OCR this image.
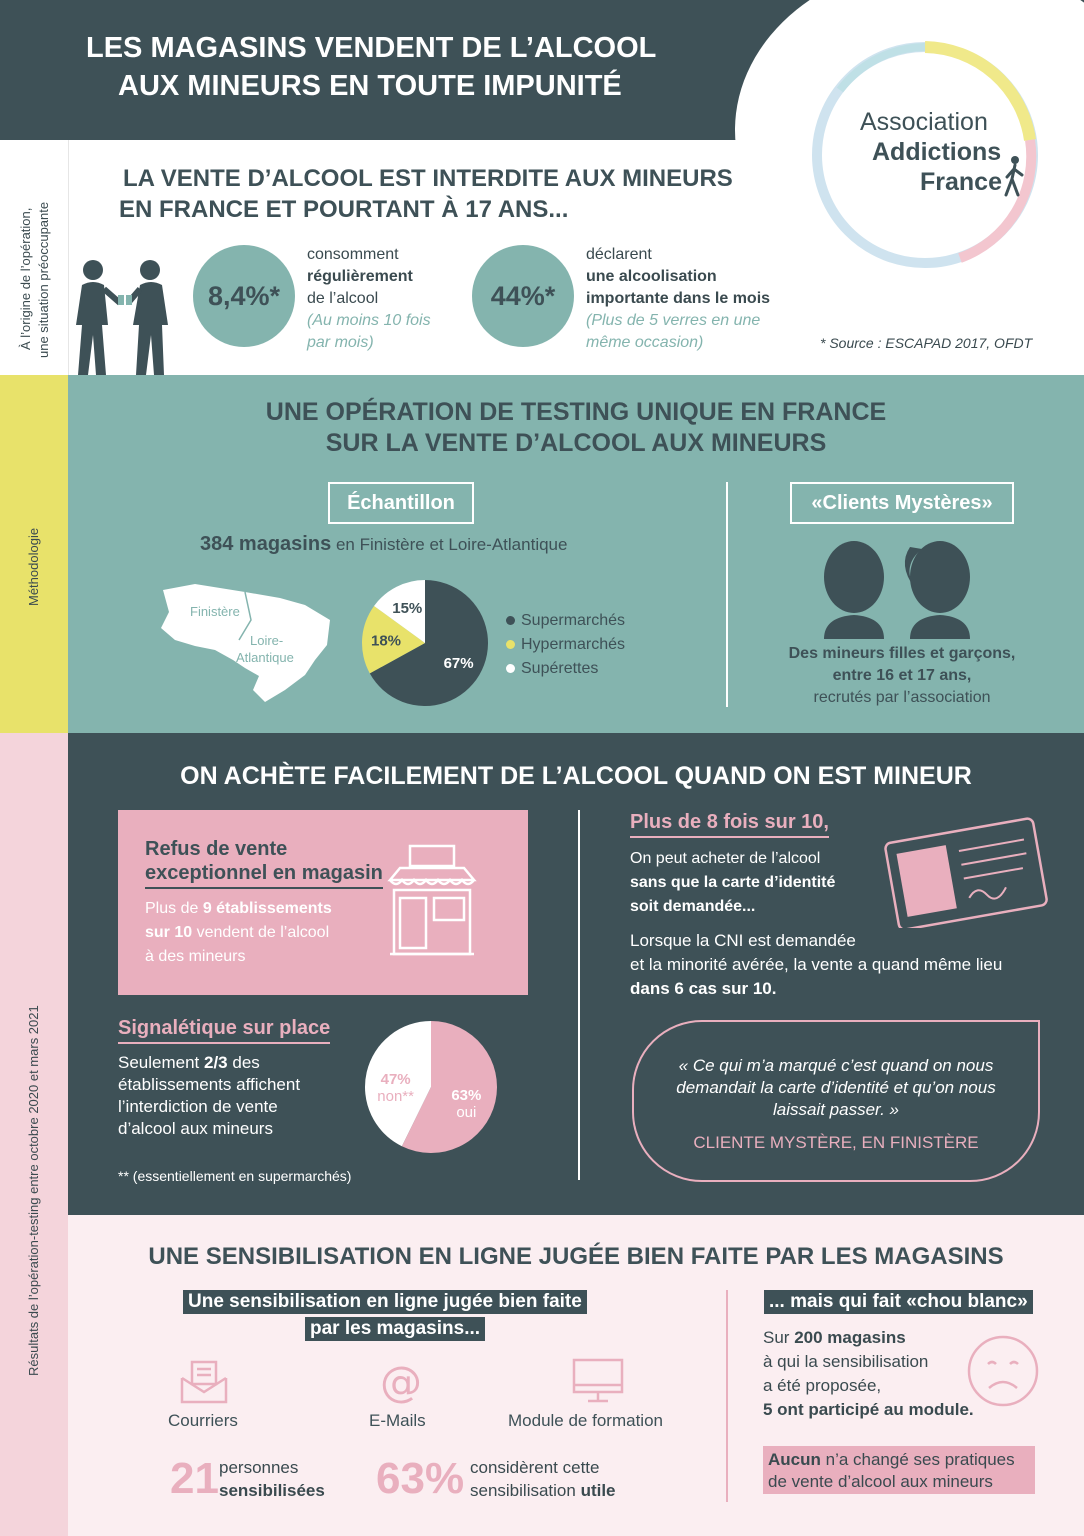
LES MAGASINS VENDENT DE L’ALCOOL
AUX MINEURS EN TOUTE IMPUNITÉ
Association
Addictions
France
À l’origine de l’opération, une situation préoccupante
LA VENTE D’ALCOOL EST INTERDITE AUX MINEURS
EN FRANCE ET POURTANT À 17 ANS...
8,4%*
consomment
régulièrement
de l’alcool
(Au moins 10 fois
par mois)
44%*
déclarent
une alcoolisation
importante dans le mois
(Plus de 5 verres en une
même occasion)	* Source : ESCAPAD 2017, OFDT
Méthodologie
UNE OPÉRATION DE TESTING UNIQUE EN FRANCE
SUR LA VENTE D’ALCOOL AUX MINEURS
Échantillon
384 magasins en Finistère et Loire-Atlantique
Finistère
Loire-
Atlantique	67%
18%
15%
Supermarchés
Hypermarchés
Supérettes
«Clients Mystères»
Des mineurs filles et garçons,
entre 16 et 17 ans,
recrutés par l’association
Résultats de l’opération-testing entre octobre 2020 et mars 2021
ON ACHÈTE FACILEMENT DE L’ALCOOL QUAND ON EST MINEUR
Refus de vente
exceptionnel en magasin
Plus de 9 établissements
sur 10 vendent de l’alcool
à des mineurs
Signalétique sur place
Seulement 2/3 des
établissements affichent
l’interdiction de vente
d’alcool aux mineurs
** (essentiellement en supermarchés)
63%
oui
47%
non**
Plus de 8 fois sur 10,
On peut acheter de l’alcool
sans que la carte d’identité
soit demandée...
Lorsque la CNI est demandée
et la minorité avérée, la vente a quand même lieu
dans 6 cas sur 10.
« Ce qui m’a marqué c’est quand on nous
demandait la carte d’identité et qu’on nous
laissait passer. »
CLIENTE MYSTÈRE, EN FINISTÈRE
UNE SENSIBILISATION EN LIGNE JUGÉE BIEN FAITE PAR LES MAGASINS
Une sensibilisation en ligne jugée bien faite
par les magasins...
Courriers
@
E-Mails	Module de formation
21 personnes
sensibilisées 63% considèrent cette
sensibilisation utile
... mais qui fait «chou blanc»
Sur 200 magasins
à qui la sensibilisation
a été proposée,
5 ont participé au module.
Aucun n’a changé ses pratiques
de vente d’alcool aux mineurs
